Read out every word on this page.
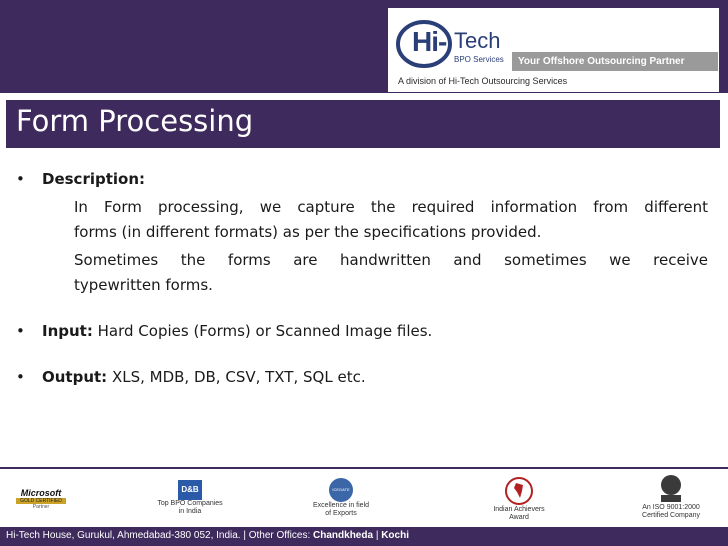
Hi- Tech
BPO Services	Your Offshore Outsourcing Partner
A division of Hi-Tech Outsourcing Services
Form Processing
• Description:
In Form processing, we capture the required information from different
forms (in different formats) as per the specifications provided.
Sometimes the forms are handwritten and sometimes we receive
typewritten forms.
• Input: Hard Copies (Forms) or Scanned Image files.
• Output: XLS, MDB, DB, CSV, TXT, SQL etc.
Microsoft
GOLD CERTIFIED
Partner
D&B
Top BPO Companies
in India
ICEGATE
Excellence in field
of Exports
Indian Achievers
Award
An ISO 9001:2000
Certified Company
Hi-Tech House, Gurukul, Ahmedabad-380 052, India. | Other Offices: Chandkheda | Kochi
